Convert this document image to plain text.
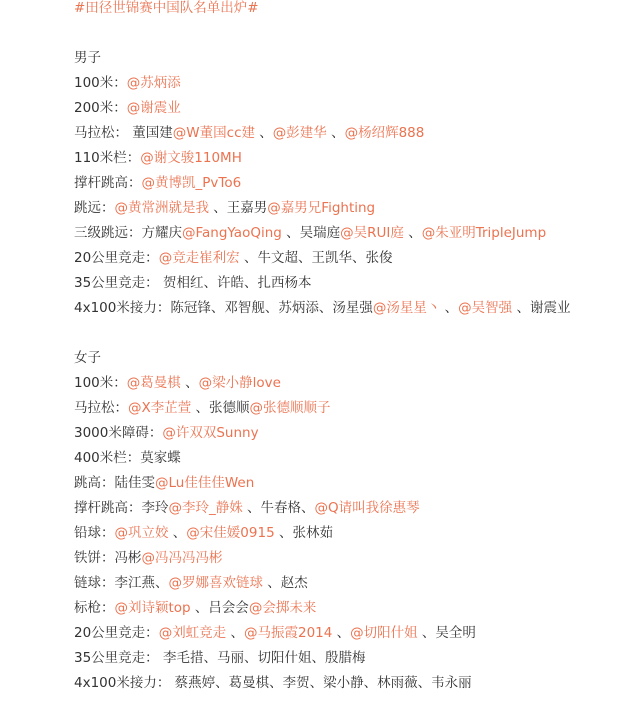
#田径世锦赛中国队名单出炉#
男子
100米：@苏炳添
200米：@谢震业
马拉松： 董国建@W董国cc建 、@彭建华 、@杨绍辉888
110米栏：@谢文骏110MH
撑杆跳高：@黄博凯_PvTo6
跳远：@黄常洲就是我 、王嘉男@嘉男兄Fighting
三级跳远：方耀庆@FangYaoQing 、吴瑞庭@吴RUI庭 、@朱亚明TripleJump
20公里竞走：@竞走崔利宏 、牛文超、王凯华、张俊
35公里竞走： 贺相红、许皓、扎西杨本
4x100米接力：陈冠锋、邓智舰、苏炳添、汤星强@汤星星丶 、@吴智强 、谢震业
女子
100米：@葛曼棋 、@梁小静love
马拉松：@X李芷萱 、张德顺@张德顺顺子
3000米障碍：@许双双Sunny
400米栏：莫家蝶
跳高：陆佳雯@Lu佳佳佳Wen
撑杆跳高：李玲@李玲_静姝 、牛春格、@Q请叫我徐惠琴
铅球：@巩立姣 、@宋佳媛0915 、张林茹
铁饼：冯彬@冯冯冯冯彬
链球：李江燕、@罗娜喜欢链球 、赵杰
标枪：@刘诗颖top 、吕会会@会掷未来
20公里竞走：@刘虹竞走 、@马振霞2014 、@切阳什姐 、吴全明
35公里竞走： 李毛措、马丽、切阳什姐、殷腊梅
4x100米接力： 蔡燕婷、葛曼棋、李贺、梁小静、林雨薇、韦永丽
